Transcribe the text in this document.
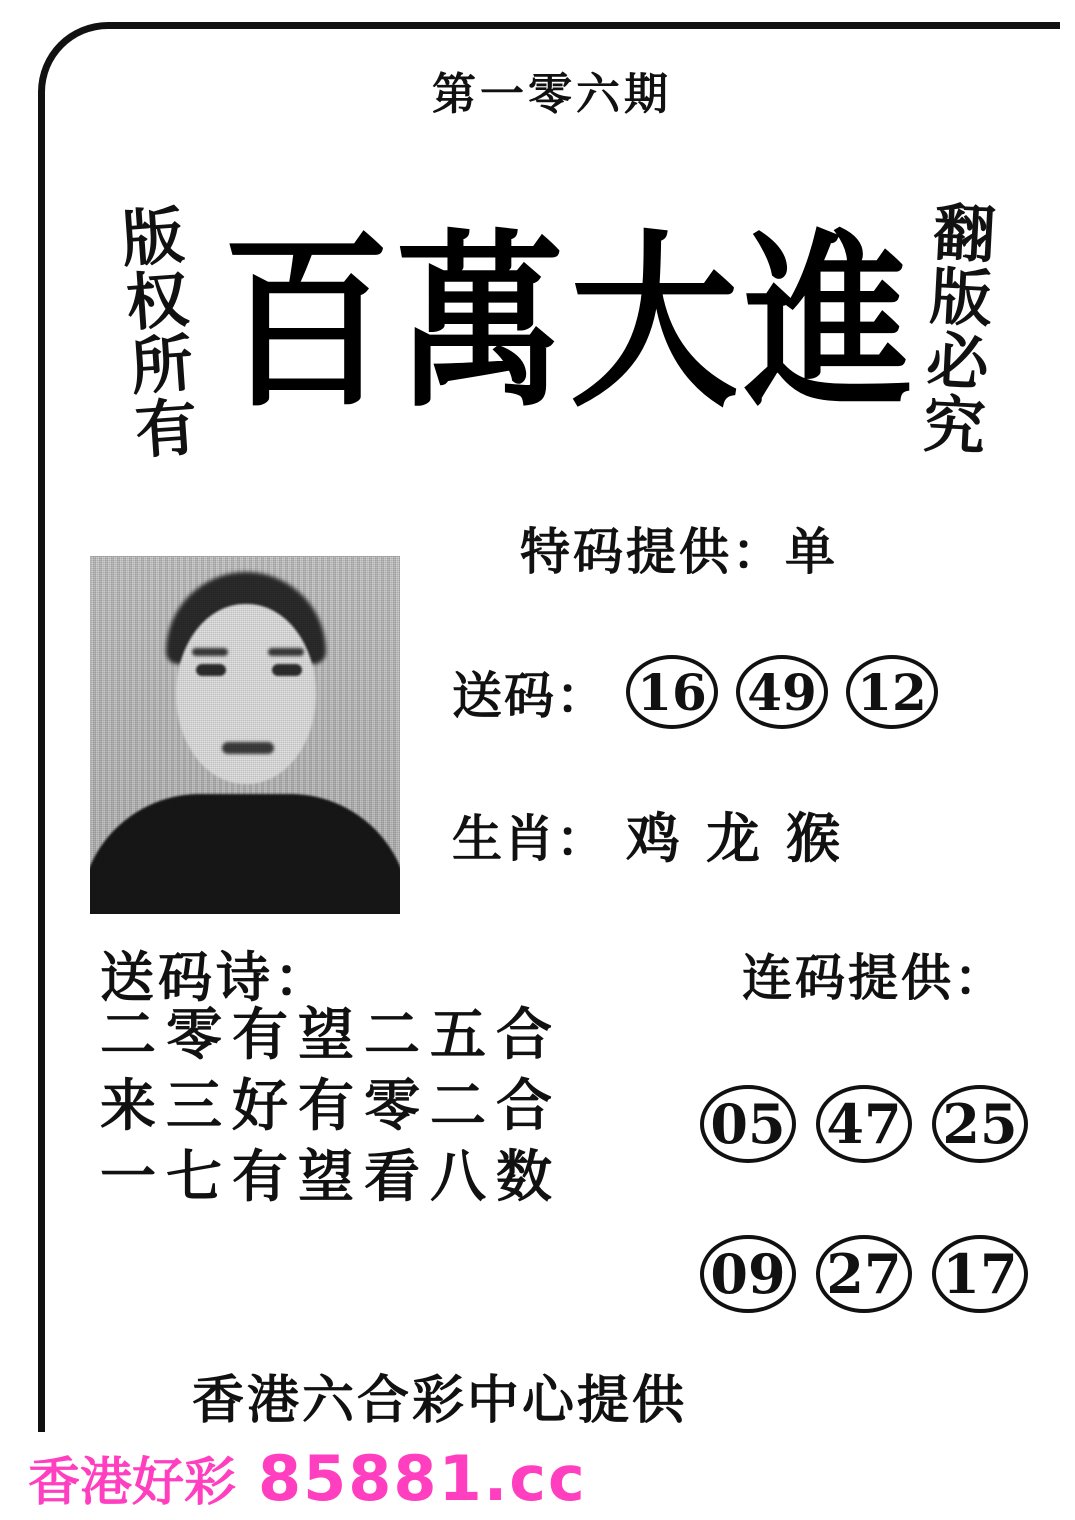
第一零六期
版权所有	翻版必究
百萬大進
特码提供：单
送码： 16 49 12
生肖： 鸡 龙 猴
送码诗：
二零有望二五合
来三好有零二合
一七有望看八数
连码提供：
05 47 25
09 27 17
香港六合彩中心提供
香港好彩 85881.cc
